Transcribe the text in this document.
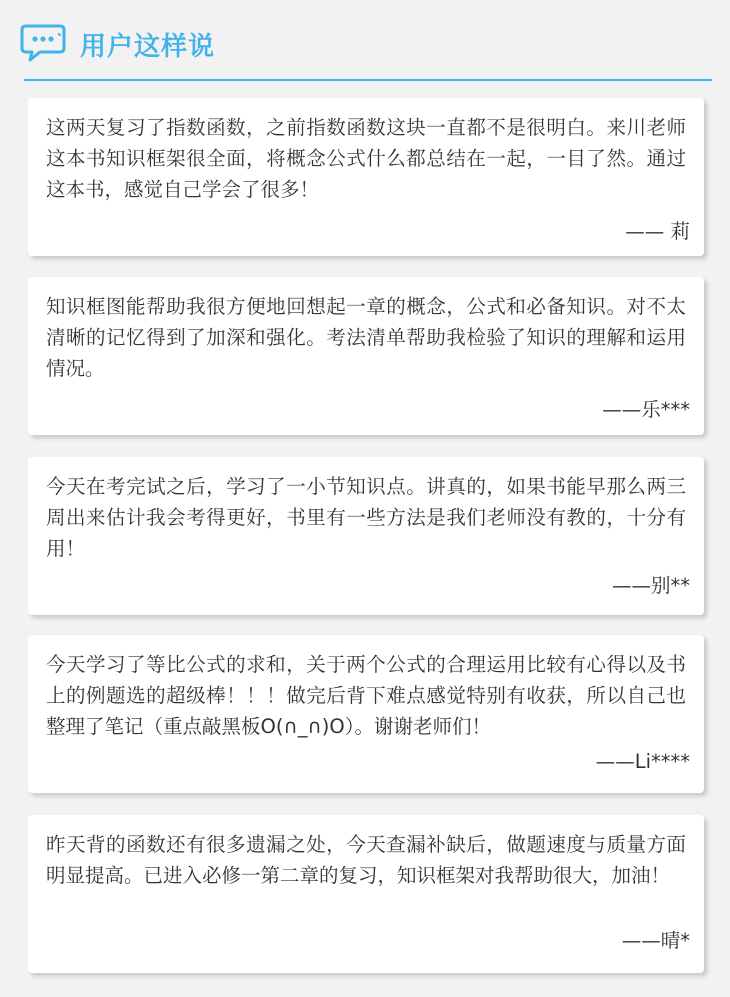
用户这样说
这两天复习了指数函数，之前指数函数这块一直都不是很明白。来川老师这本书知识框架很全面，将概念公式什么都总结在一起，一目了然。通过这本书，感觉自己学会了很多！
—— 莉
知识框图能帮助我很方便地回想起一章的概念，公式和必备知识。对不太清晰的记忆得到了加深和强化。考法清单帮助我检验了知识的理解和运用情况。
——乐***
今天在考完试之后，学习了一小节知识点。讲真的，如果书能早那么两三周出来估计我会考得更好，书里有一些方法是我们老师没有教的，十分有用！
——别**
今天学习了等比公式的求和，关于两个公式的合理运用比较有心得以及书上的例题选的超级棒！！！做完后背下难点感觉特别有收获，所以自己也整理了笔记（重点敲黑板O(∩_∩)O）。谢谢老师们！
——Li****
昨天背的函数还有很多遗漏之处，今天查漏补缺后，做题速度与质量方面明显提高。已进入必修一第二章的复习，知识框架对我帮助很大，加油！
——晴*
